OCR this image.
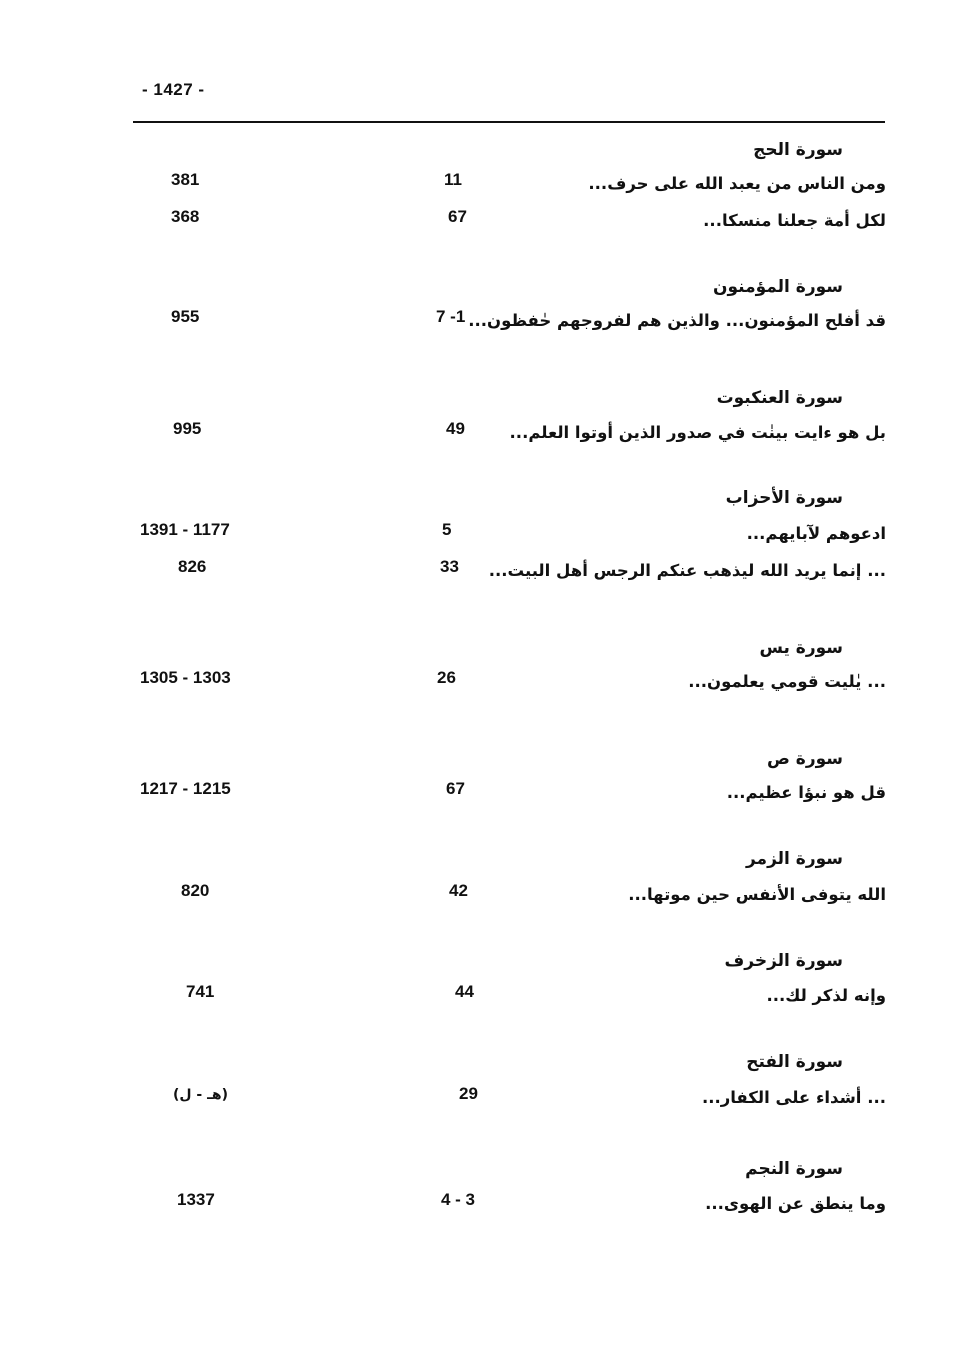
- 1427 -
سورة الحج
ومن الناس من يعبد الله على حرف...
11
381
لكل أمة جعلنا منسكا...
67
368
سورة المؤمنون
قد أفلح المؤمنون... والذين هم لفروجهم حٰفظون...
7 -1
955
سورة العنكبوت
بل هو ءايت بينٰت في صدور الذين أوتوا العلم...
49
995
سورة الأحزاب
ادعوهم لآبايهم...
5
1391 - 1177
... إنما يريد الله ليذهب عنكم الرجس أهل البيت...
33
826
سورة يس
... يٰليت قومي يعلمون...
26
1305 - 1303
سورة ص
قل هو نبؤا عظيم...
67
1217 - 1215
سورة الزمر
الله يتوفى الأنفس حين موتها...
42
820
سورة الزخرف
وإنه لذكر لك...
44
741
سورة الفتح
... أشداء على الكفار...
29
(هـ - ل)
سورة النجم
وما ينطق عن الهوى...
4 - 3
1337
